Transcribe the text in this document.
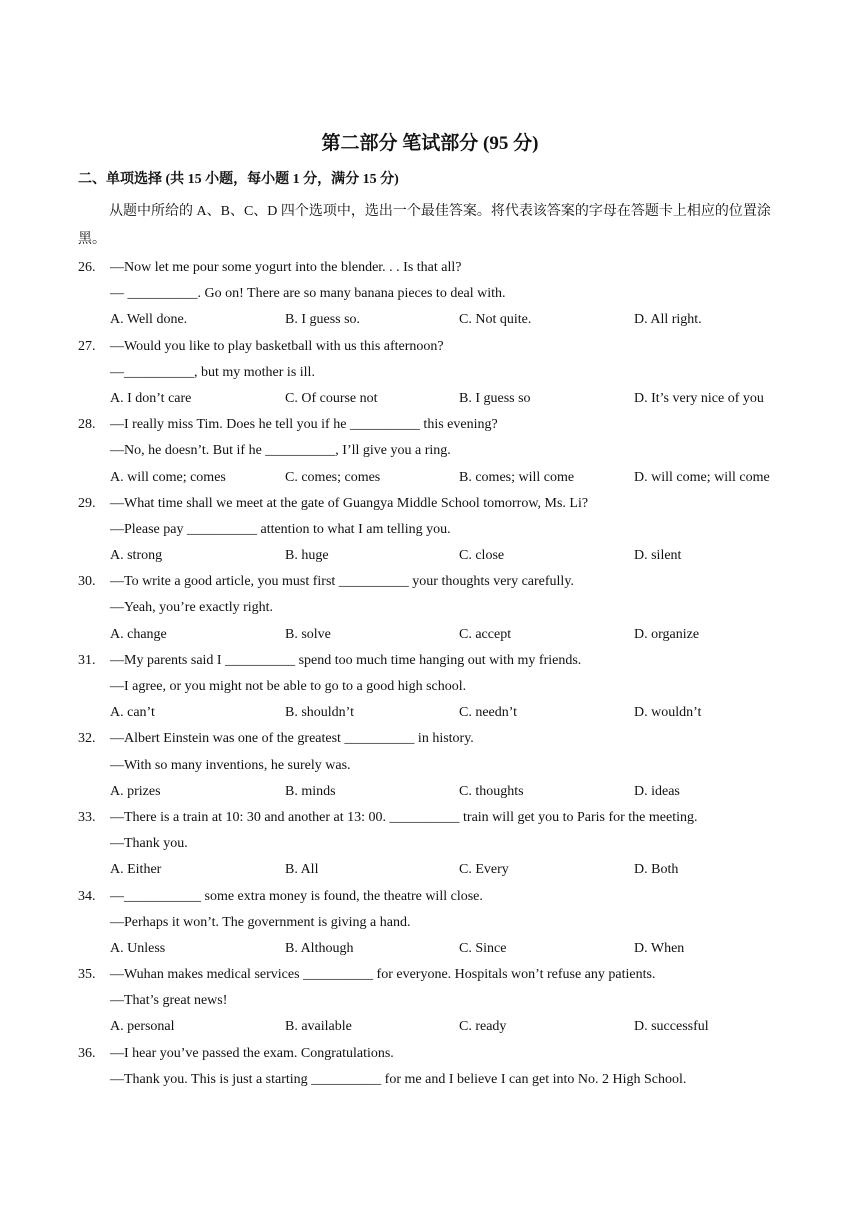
第二部分 笔试部分 (95 分)
二、单项选择 (共 15 小题，每小题 1 分，满分 15 分)
从题中所给的 A、B、C、D 四个选项中，选出一个最佳答案。将代表该答案的字母在答题卡上相应的位置涂黑。
26. —Now let me pour some yogurt into the blender. . . Is that all?
— __________. Go on! There are so many banana pieces to deal with.
A. Well done.	B. I guess so.	C. Not quite.	D. All right.
27. —Would you like to play basketball with us this afternoon?
—__________, but my mother is ill.
A. I don’t care	C. Of course not	B. I guess so	D. It’s very nice of you
28. —I really miss Tim. Does he tell you if he __________ this evening?
—No, he doesn’t. But if he __________, I’ll give you a ring.
A. will come; comes	C. comes; comes	B. comes; will come	D. will come; will come
29. —What time shall we meet at the gate of Guangya Middle School tomorrow, Ms. Li?
—Please pay __________ attention to what I am telling you.
A. strong	B. huge	C. close	D. silent
30. —To write a good article, you must first __________ your thoughts very carefully.
—Yeah, you’re exactly right.
A. change	B. solve	C. accept	D. organize
31. —My parents said I __________ spend too much time hanging out with my friends.
—I agree, or you might not be able to go to a good high school.
A. can’t	B. shouldn’t	C. needn’t	D. wouldn’t
32. —Albert Einstein was one of the greatest __________ in history.
—With so many inventions, he surely was.
A. prizes	B. minds	C. thoughts	D. ideas
33. —There is a train at 10: 30 and another at 13: 00. __________ train will get you to Paris for the meeting.
—Thank you.
A. Either	B. All	C. Every	D. Both
34. —___________ some extra money is found, the theatre will close.
—Perhaps it won’t. The government is giving a hand.
A. Unless	B. Although	C. Since	D. When
35. —Wuhan makes medical services __________ for everyone. Hospitals won’t refuse any patients.
—That’s great news!
A. personal	B. available	C. ready	D. successful
36. —I hear you’ve passed the exam. Congratulations.
—Thank you. This is just a starting __________ for me and I believe I can get into No. 2 High School.
